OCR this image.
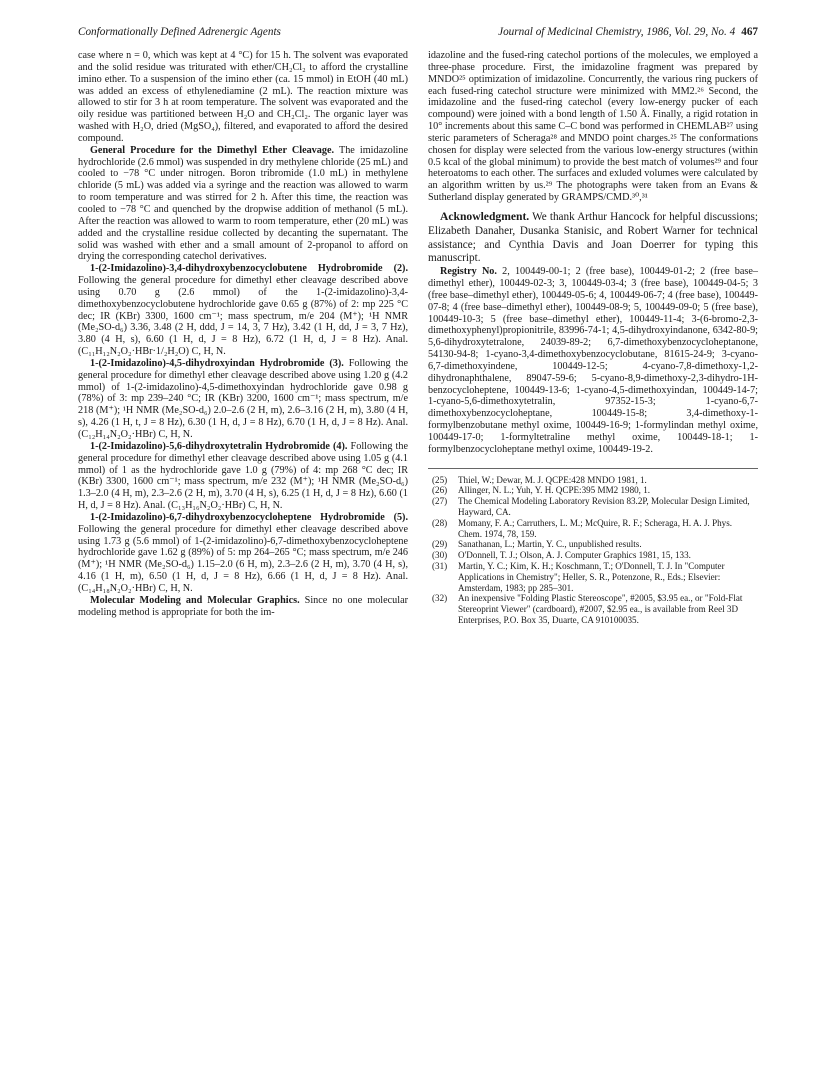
Conformationally Defined Adrenergic Agents	Journal of Medicinal Chemistry, 1986, Vol. 29, No. 4 467

case where n = 0, which was kept at 4 °C) for 15 h. The solvent was evaporated and the solid residue was triturated with ether/CH₂Cl₂ to afford the crystalline imino ether. To a suspension of the imino ether (ca. 15 mmol) in EtOH (40 mL) was added an excess of ethylenediamine (2 mL). The reaction mixture was allowed to stir for 3 h at room temperature. The solvent was evaporated and the oily residue was partitioned between H₂O and CH₂Cl₂. The organic layer was washed with H₂O, dried (MgSO₄), filtered, and evaporated to afford the desired compound.

General Procedure for the Dimethyl Ether Cleavage. The imidazoline hydrochloride (2.6 mmol) was suspended in dry methylene chloride (25 mL) and cooled to −78 °C under nitrogen. Boron tribromide (1.0 mL) in methylene chloride (5 mL) was added via a syringe and the reaction was allowed to warm to room temperature and was stirred for 2 h. After this time, the reaction was cooled to −78 °C and quenched by the dropwise addition of methanol (5 mL). After the reaction was allowed to warm to room temperature, ether (20 mL) was added and the crystalline residue collected by decanting the supernatant. The solid was washed with ether and a small amount of 2-propanol to afford on drying the corresponding catechol derivatives.

1-(2-Imidazolino)-3,4-dihydroxybenzocyclobutene Hydrobromide (2). Following the general procedure for dimethyl ether cleavage described above using 0.70 g (2.6 mmol) of the 1-(2-imidazolino)-3,4-dimethoxybenzocyclobutene hydrochloride gave 0.65 g (87%) of 2: mp 225 °C dec; IR (KBr) 3300, 1600 cm⁻¹; mass spectrum, m/e 204 (M⁺); ¹H NMR (Me₂SO-d₆) 3.36, 3.48 (2 H, ddd, J = 14, 3, 7 Hz), 3.42 (1 H, dd, J = 3, 7 Hz), 3.80 (4 H, s), 6.60 (1 H, d, J = 8 Hz), 6.72 (1 H, d, J = 8 Hz). Anal. (C₁₁H₁₂N₂O₂·HBr·1/₂H₂O) C, H, N.

1-(2-Imidazolino)-4,5-dihydroxyindan Hydrobromide (3). Following the general procedure for dimethyl ether cleavage described above using 1.20 g (4.2 mmol) of 1-(2-imidazolino)-4,5-dimethoxyindan hydrochloride gave 0.98 g (78%) of 3: mp 239–240 °C; IR (KBr) 3200, 1600 cm⁻¹; mass spectrum, m/e 218 (M⁺); ¹H NMR (Me₂SO-d₆) 2.0–2.6 (2 H, m), 2.6–3.16 (2 H, m), 3.80 (4 H, s), 4.26 (1 H, t, J = 8 Hz), 6.30 (1 H, d, J = 8 Hz), 6.70 (1 H, d, J = 8 Hz). Anal. (C₁₂H₁₄N₂O₂·HBr) C, H, N.

1-(2-Imidazolino)-5,6-dihydroxytetralin Hydrobromide (4). Following the general procedure for dimethyl ether cleavage described above using 1.05 g (4.1 mmol) of 1 as the hydrochloride gave 1.0 g (79%) of 4: mp 268 °C dec; IR (KBr) 3300, 1600 cm⁻¹; mass spectrum, m/e 232 (M⁺); ¹H NMR (Me₂SO-d₆) 1.3–2.0 (4 H, m), 2.3–2.6 (2 H, m), 3.70 (4 H, s), 6.25 (1 H, d, J = 8 Hz), 6.60 (1 H, d, J = 8 Hz). Anal. (C₁₃H₁₆N₂O₂·HBr) C, H, N.

1-(2-Imidazolino)-6,7-dihydroxybenzocycloheptene Hydrobromide (5). Following the general procedure for dimethyl ether cleavage described above using 1.73 g (5.6 mmol) of 1-(2-imidazolino)-6,7-dimethoxybenzocycloheptene hydrochloride gave 1.62 g (89%) of 5: mp 264–265 °C; mass spectrum, m/e 246 (M⁺); ¹H NMR (Me₂SO-d₆) 1.15–2.0 (6 H, m), 2.3–2.6 (2 H, m), 3.70 (4 H, s), 4.16 (1 H, m), 6.50 (1 H, d, J = 8 Hz), 6.66 (1 H, d, J = 8 Hz). Anal. (C₁₄H₁₈N₂O₂·HBr) C, H, N.

Molecular Modeling and Molecular Graphics. Since no one molecular modeling method is appropriate for both the im-

idazoline and the fused-ring catechol portions of the molecules, we employed a three-phase procedure. First, the imidazoline fragment was prepared by MNDO²⁵ optimization of imidazoline. Concurrently, the various ring puckers of each fused-ring catechol structure were minimized with MM2.²⁶ Second, the imidazoline and the fused-ring catechol (every low-energy pucker of each compound) were joined with a bond length of 1.50 Å. Finally, a rigid rotation in 10° increments about this same C–C bond was performed in CHEMLAB²⁷ using steric parameters of Scheraga²⁸ and MNDO point charges.²⁵ The conformations chosen for display were selected from the various low-energy structures (within 0.5 kcal of the global minimum) to provide the best match of volumes²⁹ and four heteroatoms to each other. The surfaces and exluded volumes were calculated by an algorithm written by us.²⁹ The photographs were taken from an Evans & Sutherland display generated by GRAMPS/CMD.³⁰,³¹

Acknowledgment. We thank Arthur Hancock for helpful discussions; Elizabeth Danaher, Dusanka Stanisic, and Robert Warner for technical assistance; and Cynthia Davis and Joan Doerrer for typing this manuscript.

Registry No. 2, 100449-00-1; 2 (free base), 100449-01-2; 2 (free base–dimethyl ether), 100449-02-3; 3, 100449-03-4; 3 (free base), 100449-04-5; 3 (free base–dimethyl ether), 100449-05-6; 4, 100449-06-7; 4 (free base), 100449-07-8; 4 (free base–dimethyl ether), 100449-08-9; 5, 100449-09-0; 5 (free base), 100449-10-3; 5 (free base–dimethyl ether), 100449-11-4; 3-(6-bromo-2,3-dimethoxyphenyl)propionitrile, 83996-74-1; 4,5-dihydroxyindanone, 6342-80-9; 5,6-dihydroxytetralone, 24039-89-2; 6,7-dimethoxybenzocycloheptanone, 54130-94-8; 1-cyano-3,4-dimethoxybenzocyclobutane, 81615-24-9; 3-cyano-6,7-dimethoxyindene, 100449-12-5; 4-cyano-7,8-dimethoxy-1,2-dihydronaphthalene, 89047-59-6; 5-cyano-8,9-dimethoxy-2,3-dihydro-1H-benzocycloheptene, 100449-13-6; 1-cyano-4,5-dimethoxyindan, 100449-14-7; 1-cyano-5,6-dimethoxytetralin, 97352-15-3; 1-cyano-6,7-dimethoxybenzocycloheptane, 100449-15-8; 3,4-dimethoxy-1-formylbenzobutane methyl oxime, 100449-16-9; 1-formylindan methyl oxime, 100449-17-0; 1-formyltetraline methyl oxime, 100449-18-1; 1-formylbenzocycloheptane methyl oxime, 100449-19-2.

(25)	Thiel, W.; Dewar, M. J. QCPE:428 MNDO 1981, 1.
(26)	Allinger, N. L.; Yuh, Y. H. QCPE:395 MM2 1980, 1.
(27)	The Chemical Modeling Laboratory Revision 83.2P, Molecular Design Limited, Hayward, CA.
(28)	Momany, F. A.; Carruthers, L. M.; McQuire, R. F.; Scheraga, H. A. J. Phys. Chem. 1974, 78, 159.
(29)	Sanathanan, L.; Martin, Y. C., unpublished results.
(30)	O'Donnell, T. J.; Olson, A. J. Computer Graphics 1981, 15, 133.
(31)	Martin, Y. C.; Kim, K. H.; Koschmann, T.; O'Donnell, T. J. In "Computer Applications in Chemistry"; Heller, S. R., Potenzone, R., Eds.; Elsevier: Amsterdam, 1983; pp 285–301.
(32)	An inexpensive "Folding Plastic Stereoscope", #2005, $3.95 ea., or "Fold-Flat Stereoprint Viewer" (cardboard), #2007, $2.95 ea., is available from Reel 3D Enterprises, P.O. Box 35, Duarte, CA 910100035.
